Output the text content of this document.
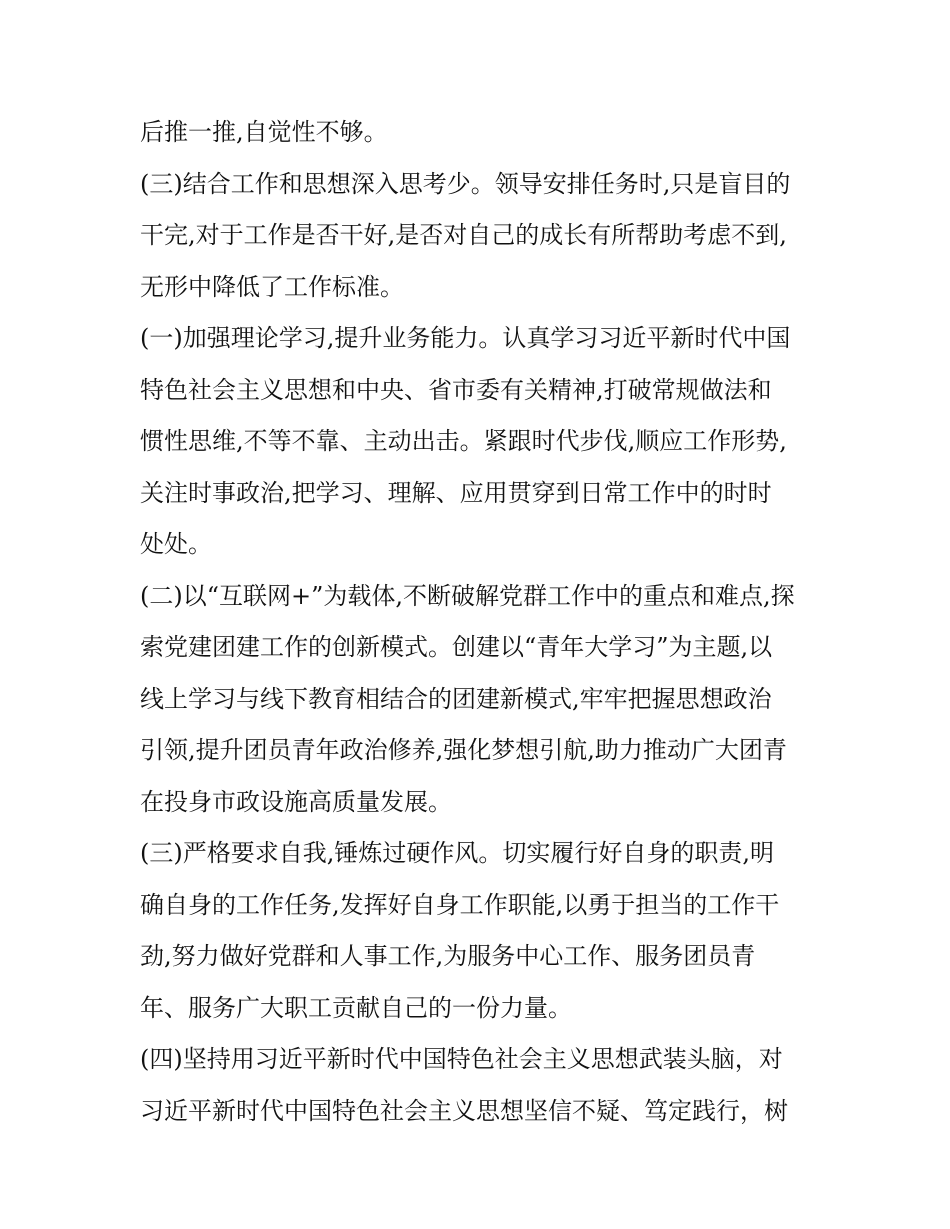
后推一推,自觉性不够。
(三)结合工作和思想深入思考少。领导安排任务时,只是盲目的
干完,对于工作是否干好,是否对自己的成长有所帮助考虑不到,
无形中降低了工作标准。
(一)加强理论学习,提升业务能力。认真学习习近平新时代中国
特色社会主义思想和中央、省市委有关精神,打破常规做法和
惯性思维,不等不靠、主动出击。紧跟时代步伐,顺应工作形势,
关注时事政治,把学习、理解、应用贯穿到日常工作中的时时
处处。
(二)以“互联网+”为载体,不断破解党群工作中的重点和难点,探
索党建团建工作的创新模式。创建以“青年大学习”为主题,以
线上学习与线下教育相结合的团建新模式,牢牢把握思想政治
引领,提升团员青年政治修养,强化梦想引航,助力推动广大团青
在投身市政设施高质量发展。
(三)严格要求自我,锤炼过硬作风。切实履行好自身的职责,明
确自身的工作任务,发挥好自身工作职能,以勇于担当的工作干
劲,努力做好党群和人事工作,为服务中心工作、服务团员青
年、服务广大职工贡献自己的一份力量。
(四)坚持用习近平新时代中国特色社会主义思想武装头脑，对
习近平新时代中国特色社会主义思想坚信不疑、笃定践行，树
